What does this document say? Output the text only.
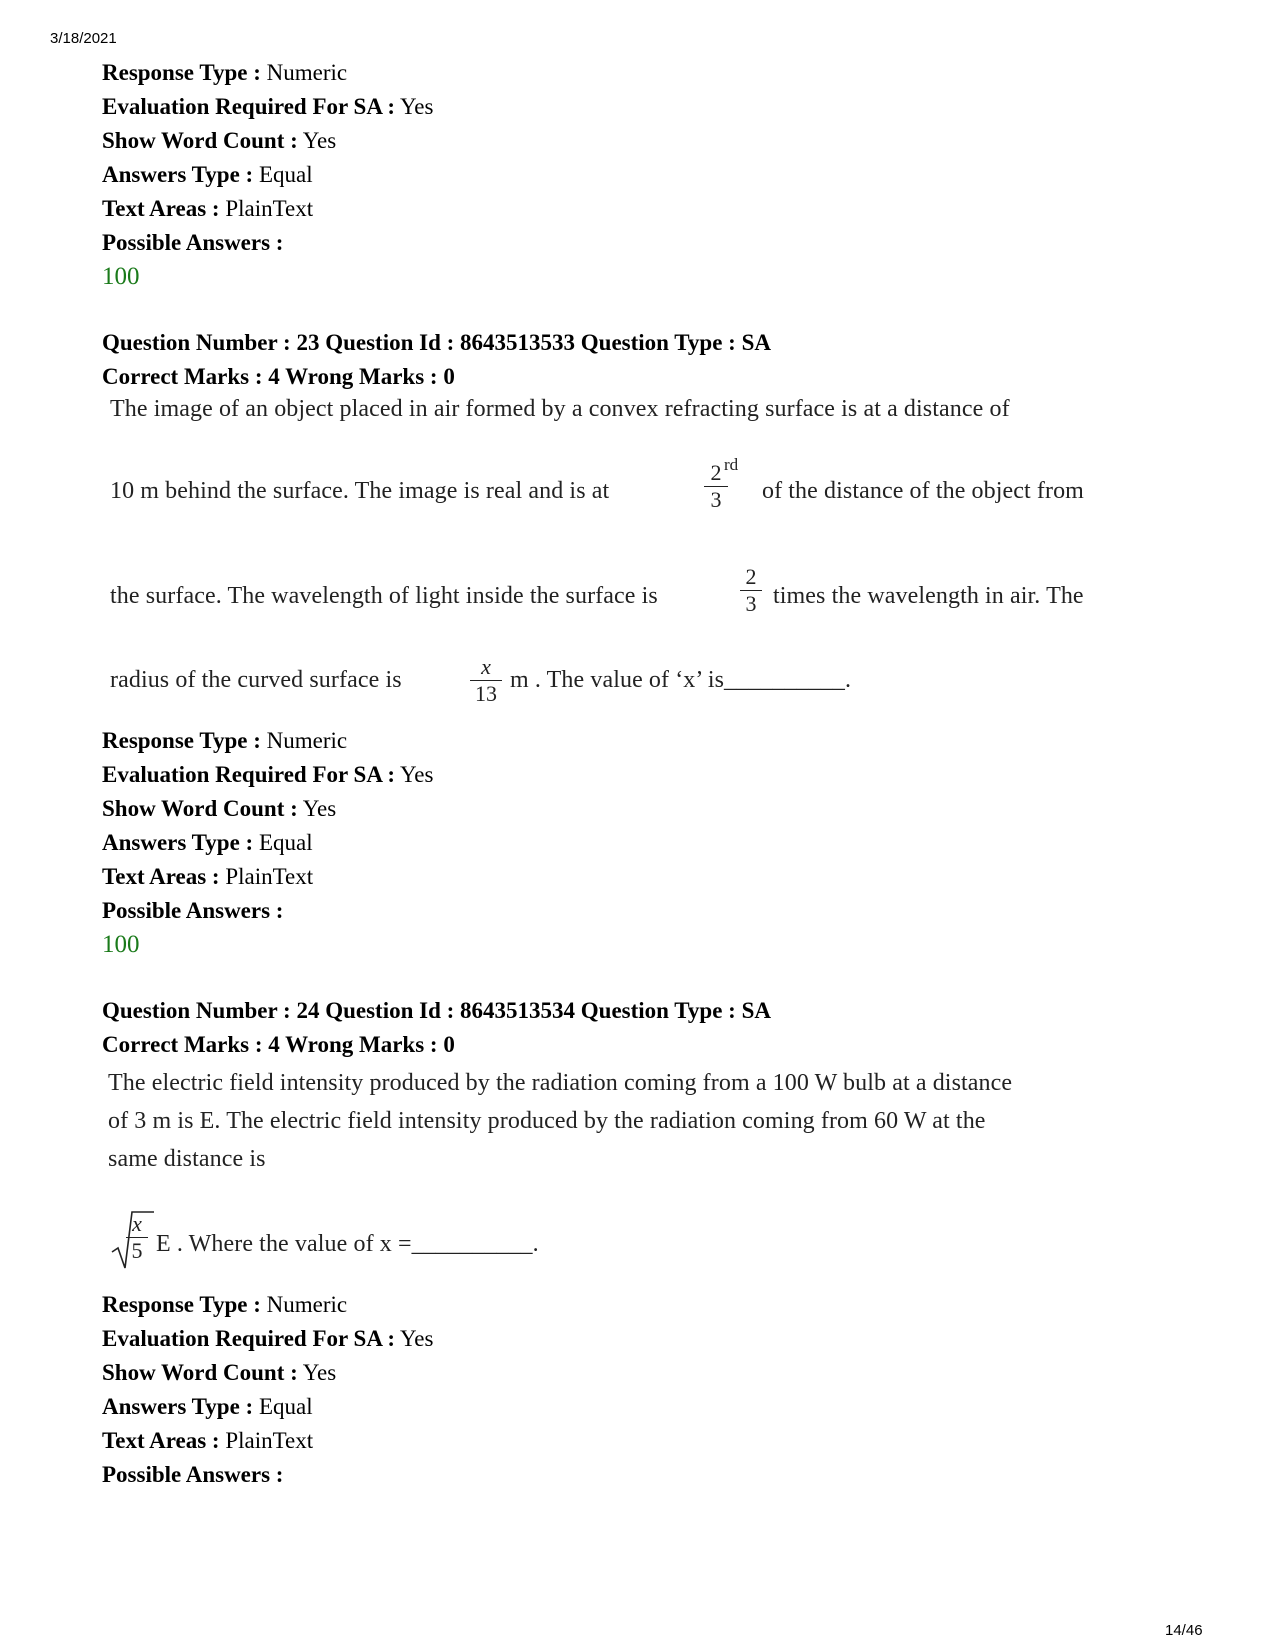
3/18/2021
Response Type : Numeric
Evaluation Required For SA : Yes
Show Word Count : Yes
Answers Type : Equal
Text Areas : PlainText
Possible Answers :
100
Question Number : 23 Question Id : 8643513533 Question Type : SA
Correct Marks : 4 Wrong Marks : 0
The image of an object placed in air formed by a convex refracting surface is at a distance of
10 m behind the surface. The image is real and is at
2
3
rd
of the distance of the object from
the surface. The wavelength of light inside the surface is
2
3 times the wavelength in air. The
radius of the curved surface is
x
13
m . The value of ‘x’ is__________.
Response Type : Numeric
Evaluation Required For SA : Yes
Show Word Count : Yes
Answers Type : Equal
Text Areas : PlainText
Possible Answers :
100
Question Number : 24 Question Id : 8643513534 Question Type : SA
Correct Marks : 4 Wrong Marks : 0
The electric field intensity produced by the radiation coming from a 100 W bulb at a distance
of 3 m is E. The electric field intensity produced by the radiation coming from 60 W at the
same distance is
x
5 E . Where the value of x =__________.
Response Type : Numeric
Evaluation Required For SA : Yes
Show Word Count : Yes
Answers Type : Equal
Text Areas : PlainText
Possible Answers :
14/46
